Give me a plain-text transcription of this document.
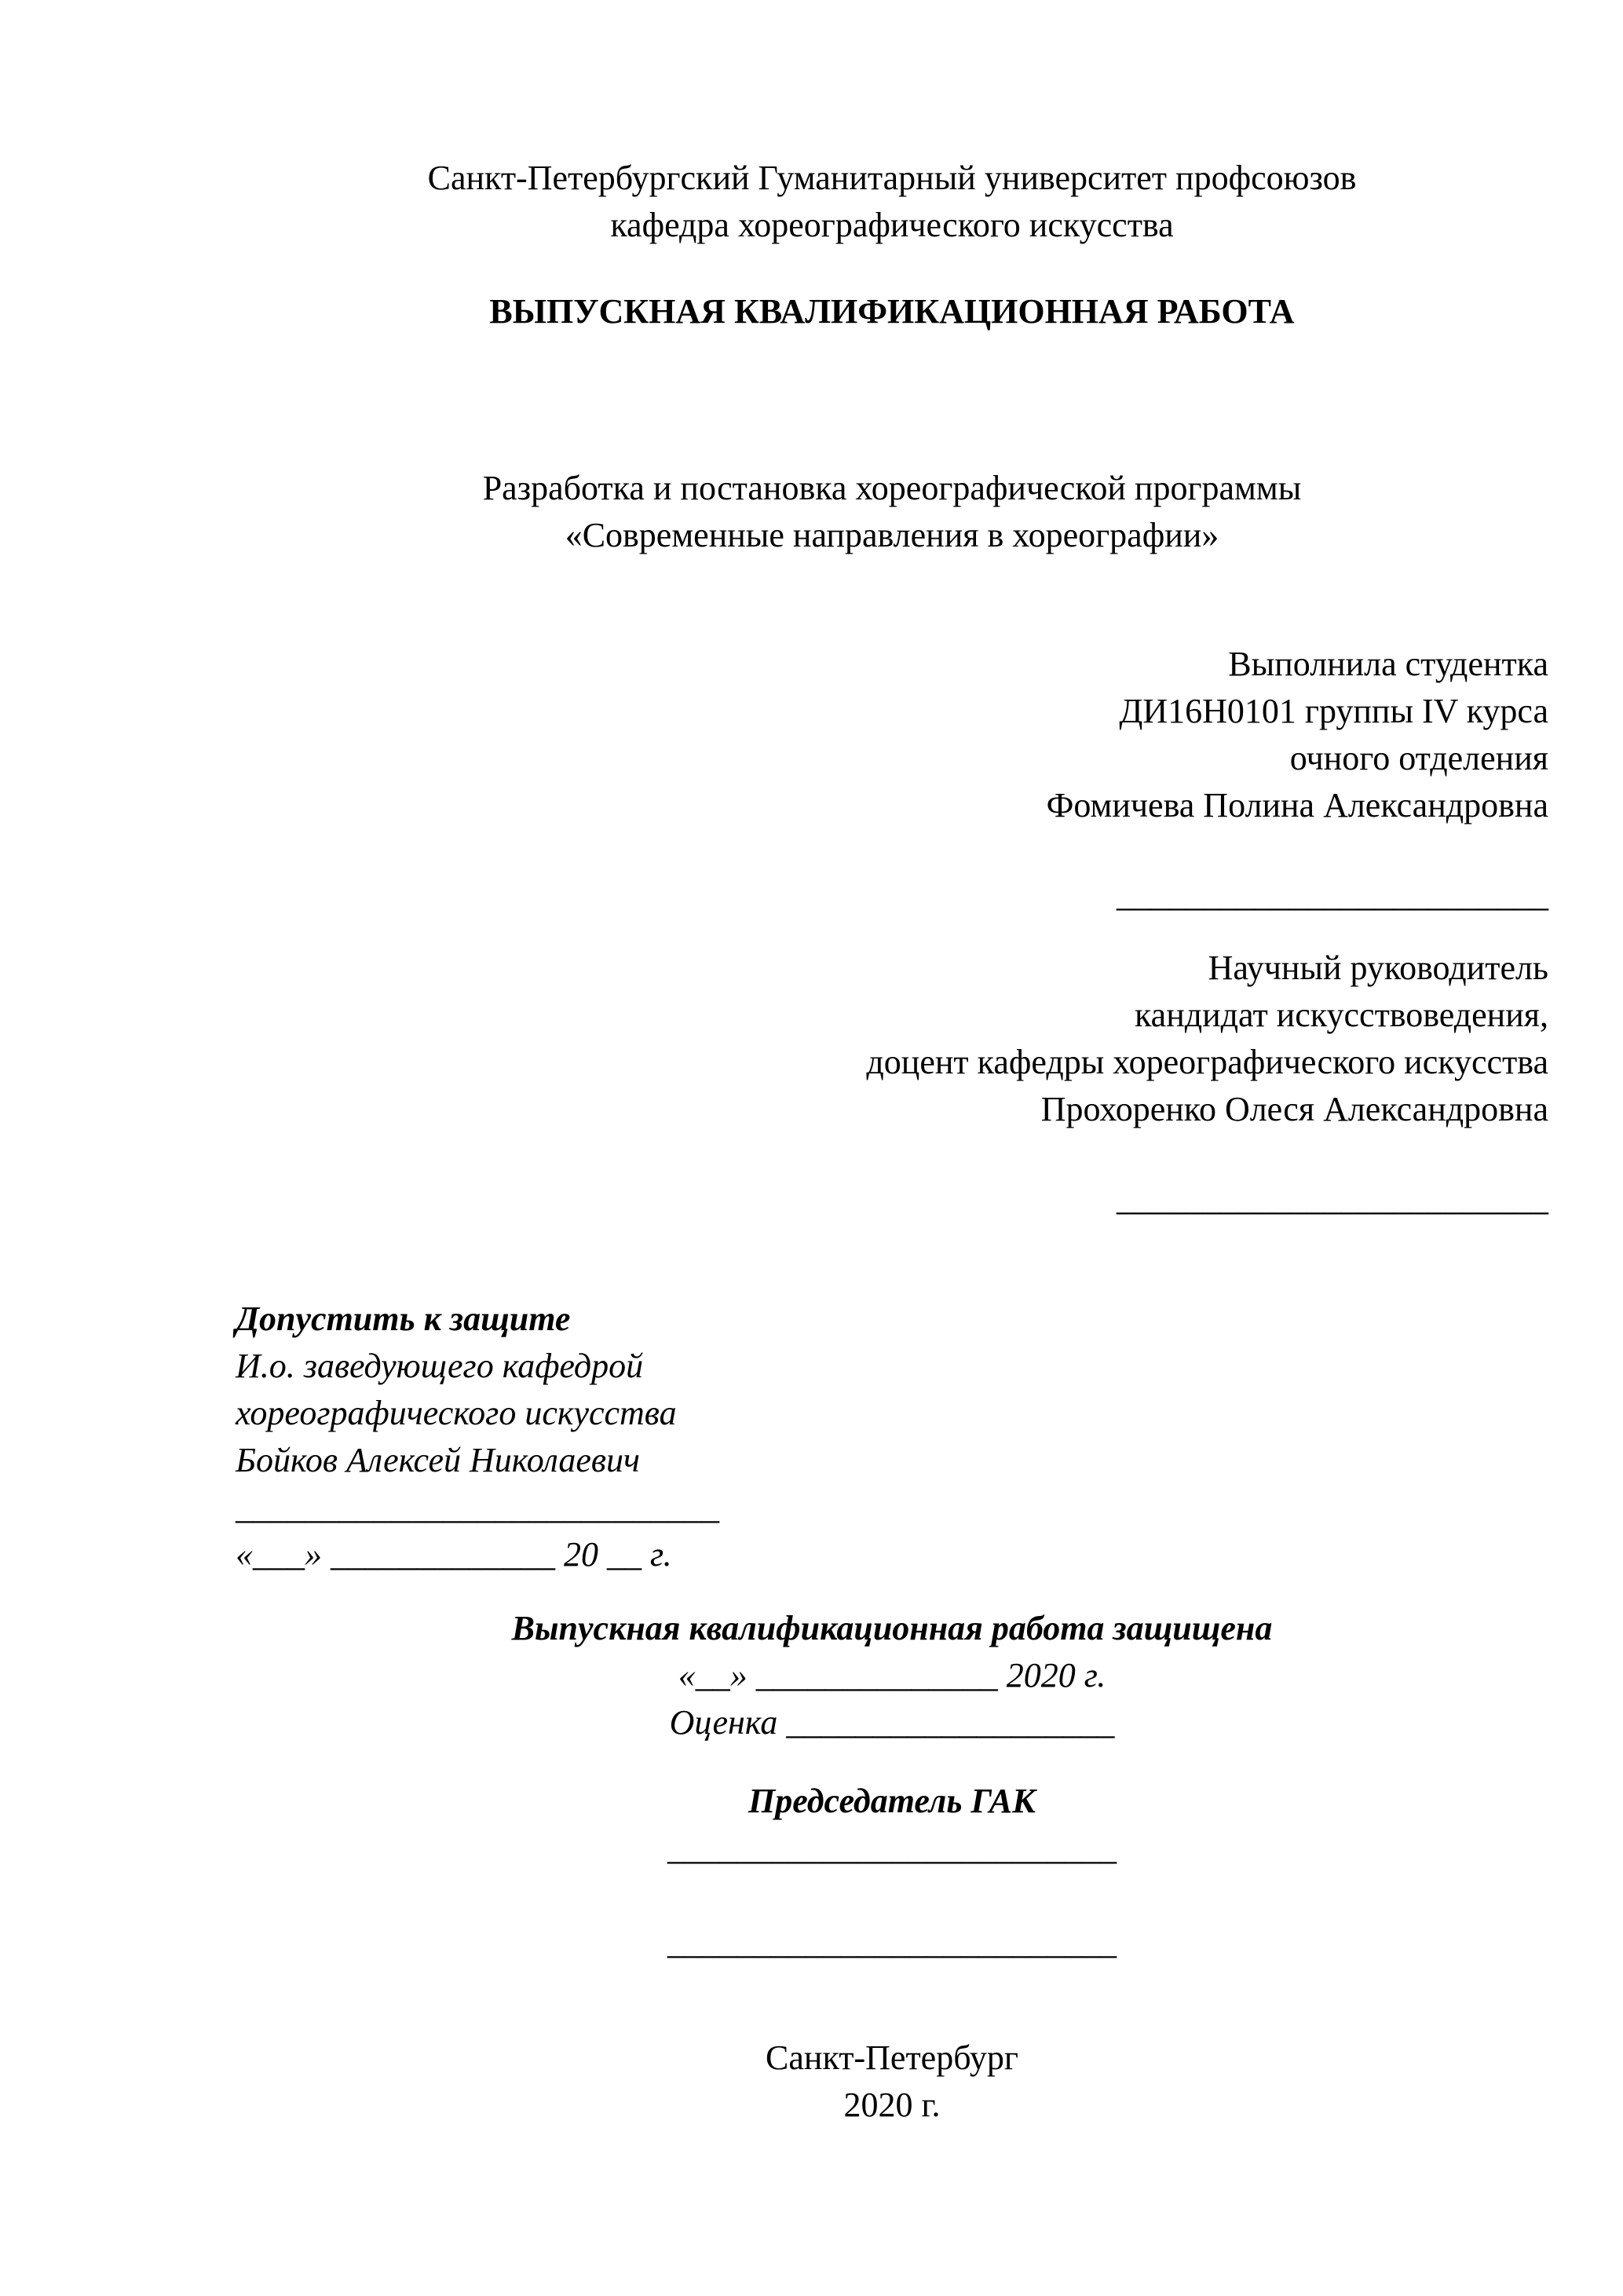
Санкт-Петербургский Гуманитарный университет профсоюзов
кафедра хореографического искусства
ВЫПУСКНАЯ КВАЛИФИКАЦИОННАЯ РАБОТА
Разработка и постановка хореографической программы
«Современные направления в хореографии»
Выполнила студентка
ДИ16Н0101 группы IV курса
очного отделения
Фомичева Полина Александровна
_________________________
Научный руководитель
кандидат искусствоведения,
доцент кафедры хореографического искусства
Прохоренко Олеся Александровна
_________________________
Допустить к защите
И.о. заведующего кафедрой
хореографического искусства
Бойков Алексей Николаевич
____________________________
«___» _____________ 20 __ г.
Выпускная квалификационная работа защищена
«__» ______________ 2020 г.
Оценка ___________________
Председатель ГАК
__________________________
__________________________
Санкт-Петербург
2020 г.
